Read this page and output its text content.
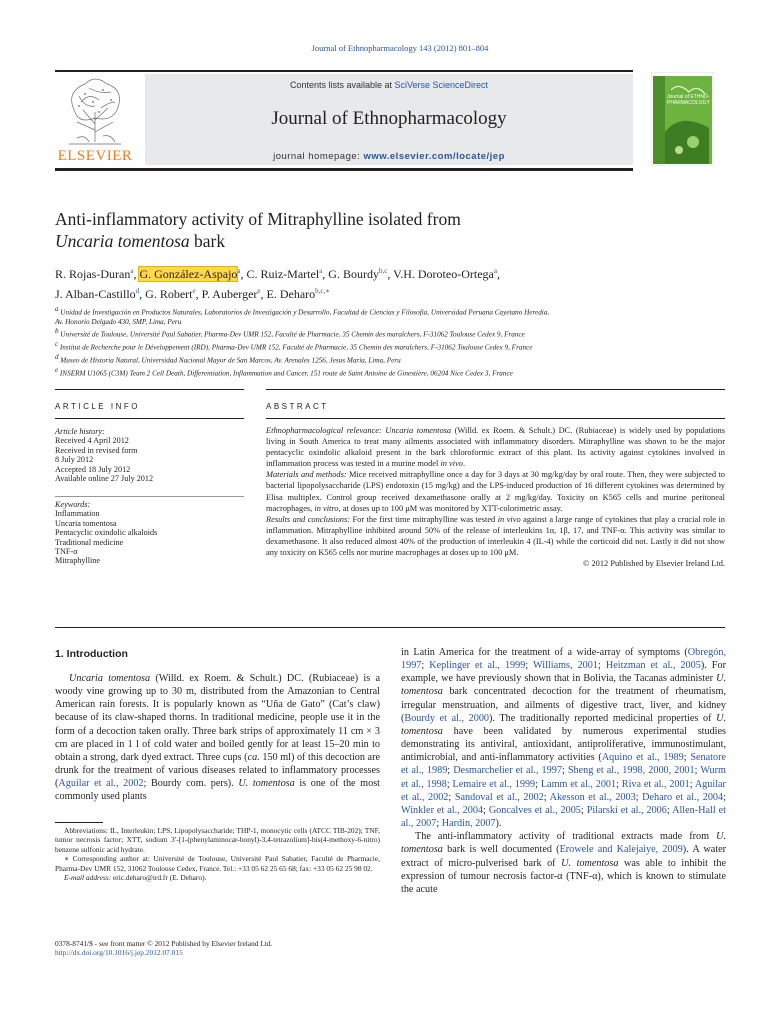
Journal of Ethnopharmacology 143 (2012) 801–804
ELSEVIER
Contents lists available at SciVerse ScienceDirect
Journal of Ethnopharmacology
journal homepage: www.elsevier.com/locate/jep
Journal of ETHNO-PHARMACOLOGY
Anti-inflammatory activity of Mitraphylline isolated from
Uncaria tomentosa bark
R. Rojas-Duran$^a$, G. González-Aspajo$^a$, C. Ruiz-Martel$^a$, G. Bourdy$^{b,c}$, V.H. Doroteo-Ortega$^a$,
J. Alban-Castillo$^d$, G. Robert$^e$, P. Auberger$^e$, E. Deharo$^{b,c,∗}$
$^a$ Unidad de Investigación en Productos Naturales, Laboratorios de Investigación y Desarrollo, Facultad de Ciencias y Filosofía, Universidad Peruana Cayetano Heredia,
Av. Honorio Delgado 430, SMP, Lima, Peru
$^b$ Université de Toulouse, Université Paul Sabatier, Pharma-Dev UMR 152, Faculté de Pharmacie, 35 Chemin des maraîchers, F-31062 Toulouse Cedex 9, France
$^c$ Institut de Recherche pour le Développement (IRD), Pharma-Dev UMR 152, Faculté de Pharmacie, 35 Chemin des maraîchers, F-31062 Toulouse Cedex 9, France
$^d$ Museo de Historia Natural, Universidad Nacional Mayor de San Marcos, Av. Arenales 1256, Jesus Maria, Lima, Peru
$^e$ INSERM U1065 (C3M) Team 2 Cell Death, Differentiation, Inflammation and Cancer, 151 route de Saint Antoine de Ginestière, 06204 Nice Cedex 3, France
ARTICLE INFO	ABSTRACT
Article history:
Received 4 April 2012
Received in revised form
8 July 2012
Accepted 18 July 2012
Available online 27 July 2012
Keywords:
Inflammation
Uncaria tomentosa
Pentacyclic oxindolic alkaloids
Traditional medicine
TNF-α
Mitraphylline
Ethnopharmacological relevance: Uncaria tomentosa (Willd. ex Roem. & Schult.) DC. (Rubiaceae) is widely used by populations living in South America to treat many ailments associated with inflammatory disorders. Mitraphylline was shown to be the major pentacyclic oxindolic alkaloid present in the bark chloroformic extract of this plant. Its activity against cytokines involved in inflammation process was tested in a murine model in vivo.
Materials and methods: Mice received mitraphylline once a day for 3 days at 30 mg/kg/day by oral route. Then, they were subjected to bacterial lipopolysaccharide (LPS) endotoxin (15 mg/kg) and the LPS-induced production of 16 different cytokines was determined by Elisa multiplex. Control group received dexamethasone orally at 2 mg/kg/day. Toxicity on K565 cells and murine peritoneal macrophages, in vitro, at doses up to 100 μM was monitored by XTT-colorimetric assay.
Results and conclusions: For the first time mitraphylline was tested in vivo against a large range of cytokines that play a crucial role in inflammation. Mitraphylline inhibited around 50% of the release of interleukins 1α, 1β, 17, and TNF-α. This activity was similar to dexamethasone. It also reduced almost 40% of the production of interleukin 4 (IL-4) while the corticoid did not. Lastly it did not show any toxicity on K565 cells nor murine macrophages at doses up to 100 μM.
© 2012 Published by Elsevier Ireland Ltd.
1. Introduction

Uncaria tomentosa (Willd. ex Roem. & Schult.) DC. (Rubiaceae) is a woody vine growing up to 30 m, distributed from the Amazonian to Central American rain forests. It is popularly known as “Uña de Gato” (Cat’s claw) because of its claw-shaped thorns. In traditional medicine, people use it in the form of a decoction taken orally. Three bark strips of approximately 11 cm × 3 cm are placed in 1 l of cold water and boiled gently for at least 15–20 min to obtain a strong, dark dyed extract. Three cups (ca. 150 ml) of this decoction are drunk for the treatment of various diseases related to inflammatory processes (Aguilar et al., 2002; Bourdy com. pers). U. tomentosa is one of the most commonly used plants

Abbreviations: IL, Interleukin; LPS, Lipopolysaccharide; THP-1, monocytic cells (ATCC TIB-202); TNF, tumor necrosis factor; XTT, sodium 3′-[1-(phenylaminocar-bonyl)-3,4-tetrazolium]-bis(4-methoxy-6-nitro) benzene sulfonic acid hydrate.
∗ Corresponding author at: Université de Toulouse, Université Paul Sabatier, Faculté de Pharmacie, Pharma-Dev UMR 152, 31062 Toulouse Cedex, France. Tel.: +33 05 62 25 65 68; fax: +33 05 62 25 98 02.
E-mail address: eric.deharo@ird.fr (E. Deharo).
0378-8741/$ - see front matter © 2012 Published by Elsevier Ireland Ltd.
http://dx.doi.org/10.1016/j.jep.2012.07.015

in Latin America for the treatment of a wide-array of symptoms (Obregón, 1997; Keplinger et al., 1999; Williams, 2001; Heitzman et al., 2005). For example, we have previously shown that in Bolivia, the Tacanas administer U. tomentosa bark concentrated decoction for the treatment of rheumatism, irregular menstruation, and ailments of digestive tract, liver, and kidney (Bourdy et al., 2000). The traditionally reported medicinal properties of U. tomentosa have been validated by numerous experimental studies demonstrating its antiviral, antioxidant, antiproliferative, immunostimulant, antimicrobial, and anti-inflammatory activities (Aquino et al., 1989; Senatore et al., 1989; Desmarchelier et al., 1997; Sheng et al., 1998, 2000, 2001; Wurm et al., 1998; Lemaire et al., 1999; Lamm et al., 2001; Riva et al., 2001; Aguilar et al., 2002; Sandoval et al., 2002; Akesson et al., 2003; Deharo et al., 2004; Winkler et al., 2004; Goncalves et al., 2005; Pilarski et al., 2006; Allen-Hall et al., 2007; Hardin, 2007).

The anti-inflammatory activity of traditional extracts made from U. tomentosa bark is well documented (Erowele and Kalejaiye, 2009). A water extract of micro-pulverised bark of U. tomentosa was able to inhibit the expression of tumour necrosis factor-α (TNF-α), which is known to stimulate the acute
